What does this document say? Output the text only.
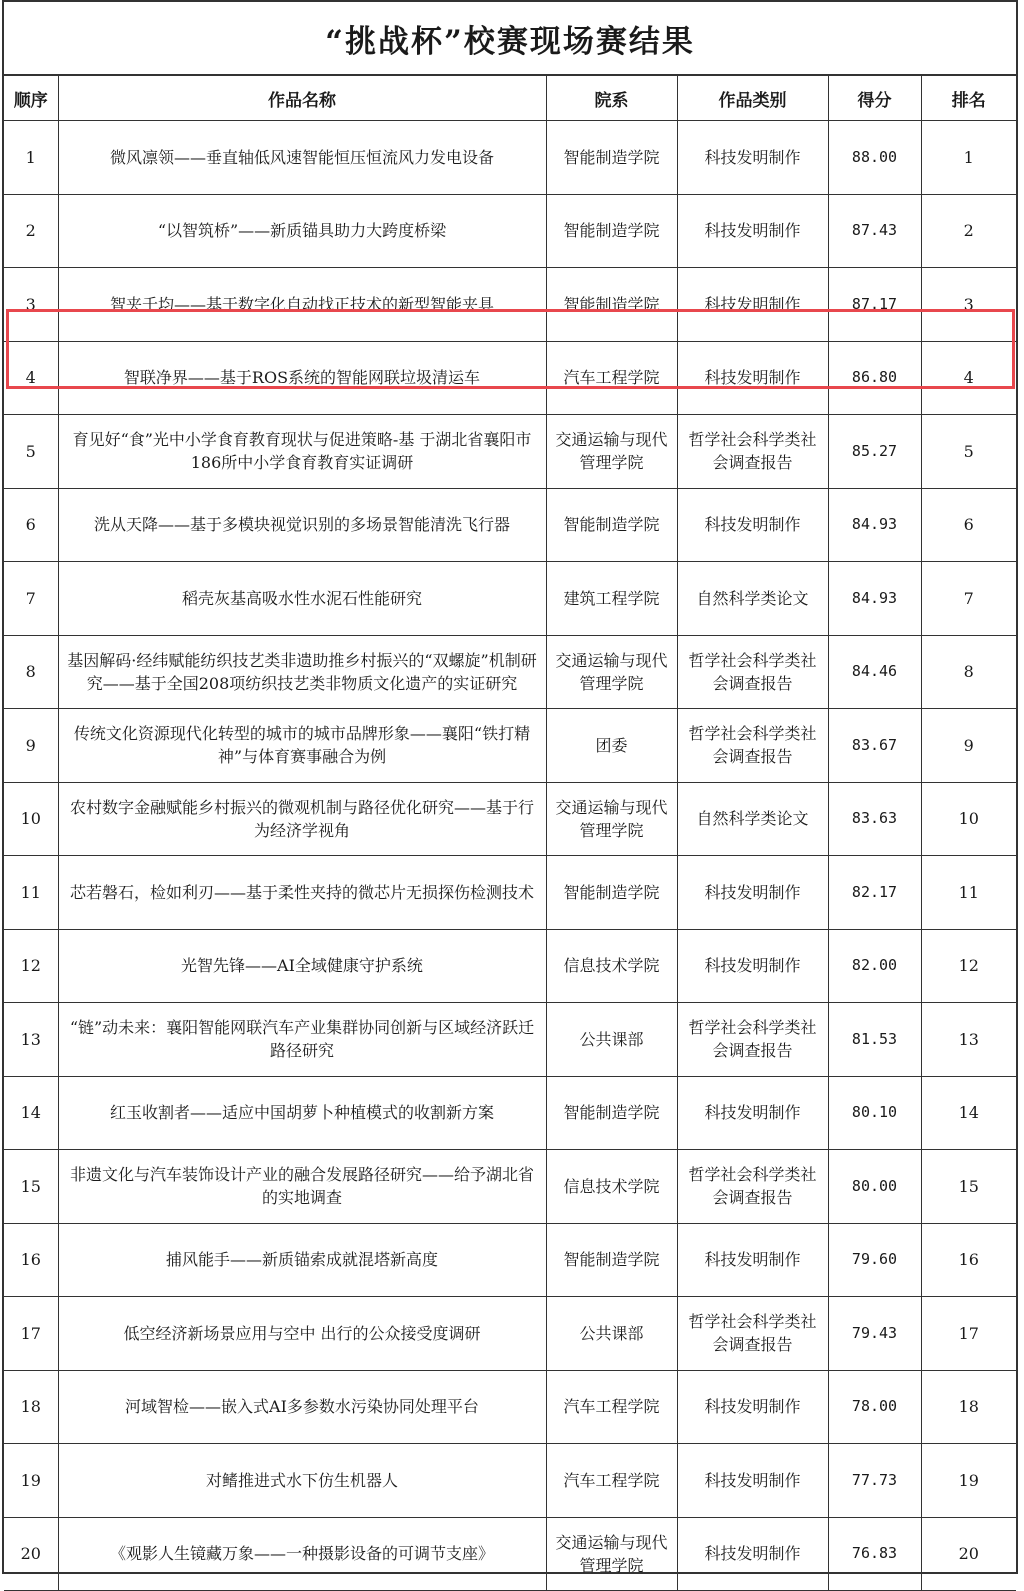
“挑战杯”校赛现场赛结果
顺序	作品名称	院系	作品类别	得分	排名
1	微风凛领——垂直轴低风速智能恒压恒流风力发电设备	智能制造学院	科技发明制作	88.00	1
2	“以智筑桥”——新质锚具助力大跨度桥梁	智能制造学院	科技发明制作	87.43	2
3	智夹千均——基于数字化自动找正技术的新型智能夹具	智能制造学院	科技发明制作	87.17	3
4	智联净界——基于ROS系统的智能网联垃圾清运车	汽车工程学院	科技发明制作	86.80	4
5	育见好“食”光中小学食育教育现状与促进策略-基 于湖北省襄阳市186所中小学食育教育实证调研	交通运输与现代管理学院	哲学社会科学类社会调查报告	85.27	5
6	洗从天降——基于多模块视觉识别的多场景智能清洗飞行器	智能制造学院	科技发明制作	84.93	6
7	稻壳灰基高吸水性水泥石性能研究	建筑工程学院	自然科学类论文	84.93	7
8	基因解码·经纬赋能纺织技艺类非遗助推乡村振兴的“双螺旋”机制研究——基于全国208项纺织技艺类非物质文化遗产的实证研究	交通运输与现代管理学院	哲学社会科学类社会调查报告	84.46	8
9	传统文化资源现代化转型的城市的城市品牌形象——襄阳“铁打精神”与体育赛事融合为例	团委	哲学社会科学类社会调查报告	83.67	9
10	农村数字金融赋能乡村振兴的微观机制与路径优化研究——基于行为经济学视角	交通运输与现代管理学院	自然科学类论文	83.63	10
11	芯若磐石，检如利刃——基于柔性夹持的微芯片无损探伤检测技术	智能制造学院	科技发明制作	82.17	11
12	光智先锋——AI全域健康守护系统	信息技术学院	科技发明制作	82.00	12
13	“链”动未来：襄阳智能网联汽车产业集群协同创新与区域经济跃迁路径研究	公共课部	哲学社会科学类社会调查报告	81.53	13
14	红玉收割者——适应中国胡萝卜种植模式的收割新方案	智能制造学院	科技发明制作	80.10	14
15	非遗文化与汽车装饰设计产业的融合发展路径研究——给予湖北省的实地调查	信息技术学院	哲学社会科学类社会调查报告	80.00	15
16	捕风能手——新质锚索成就混塔新高度	智能制造学院	科技发明制作	79.60	16
17	低空经济新场景应用与空中 出行的公众接受度调研	公共课部	哲学社会科学类社会调查报告	79.43	17
18	河域智检——嵌入式AI多参数水污染协同处理平台	汽车工程学院	科技发明制作	78.00	18
19	对鳍推进式水下仿生机器人	汽车工程学院	科技发明制作	77.73	19
20	《观影人生镜藏万象——一种摄影设备的可调节支座》	交通运输与现代管理学院	科技发明制作	76.83	20
